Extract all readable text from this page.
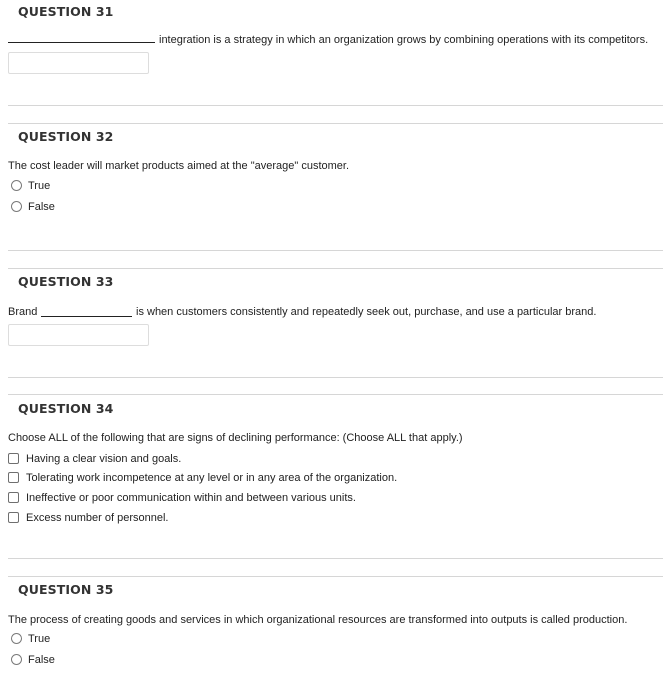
QUESTION 31
integration is a strategy in which an organization grows by combining operations with its competitors.
QUESTION 32
The cost leader will market products aimed at the "average" customer.
True
False
QUESTION 33
Brand	is when customers consistently and repeatedly seek out, purchase, and use a particular brand.
QUESTION 34
Choose ALL of the following that are signs of declining performance: (Choose ALL that apply.)
Having a clear vision and goals.
Tolerating work incompetence at any level or in any area of the organization.
Ineffective or poor communication within and between various units.
Excess number of personnel.
QUESTION 35
The process of creating goods and services in which organizational resources are transformed into outputs is called production.
True
False
